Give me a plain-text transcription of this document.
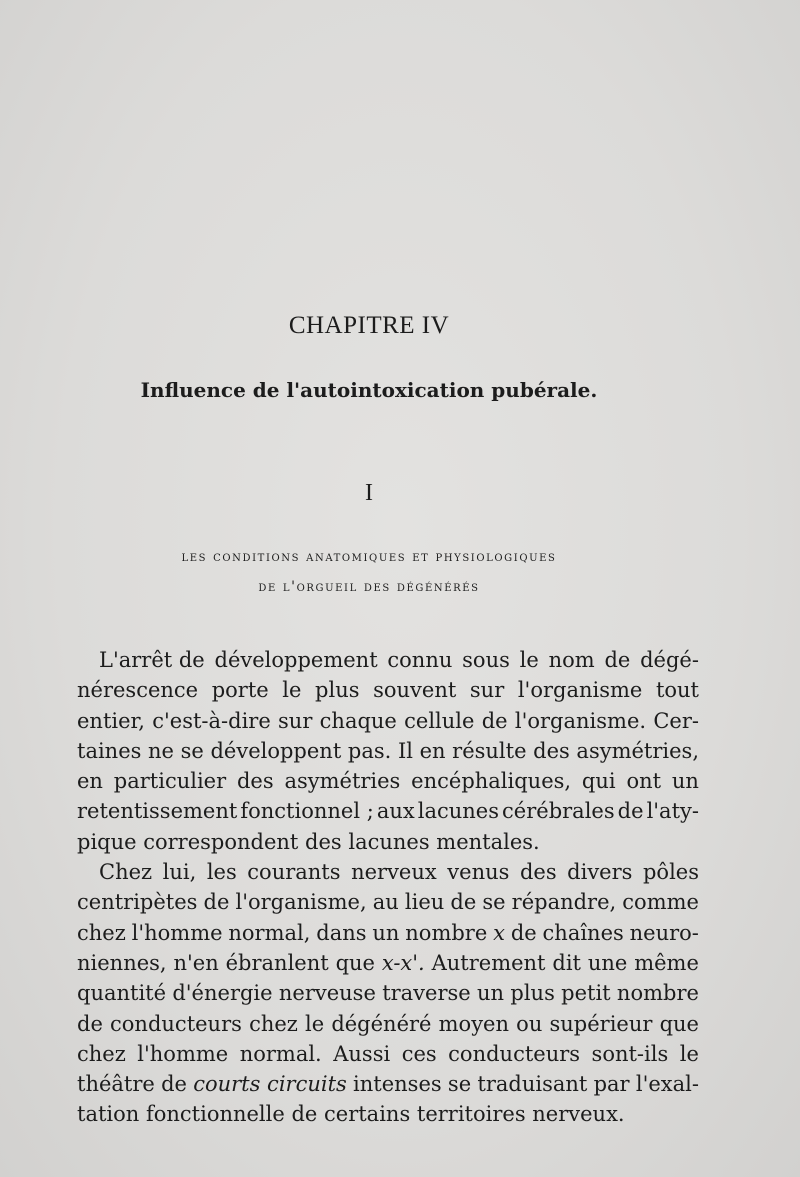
CHAPITRE IV
Influence de l'autointoxication pubérale.
I
les conditions anatomiques et physiologiques
de l'orgueil des dégénérés
L'arrêt de développement connu sous le nom de dégé-
nérescence porte le plus souvent sur l'organisme tout
entier, c'est-à-dire sur chaque cellule de l'organisme. Cer-
taines ne se développent pas. Il en résulte des asymétries,
en particulier des asymétries encéphaliques, qui ont un
retentissement fonctionnel ; aux lacunes cérébrales de l'aty-
pique correspondent des lacunes mentales.
Chez lui, les courants nerveux venus des divers pôles
centripètes de l'organisme, au lieu de se répandre, comme
chez l'homme normal, dans un nombre x de chaînes neuro-
niennes, n'en ébranlent que x-x'. Autrement dit une même
quantité d'énergie nerveuse traverse un plus petit nombre
de conducteurs chez le dégénéré moyen ou supérieur que
chez l'homme normal. Aussi ces conducteurs sont-ils le
théâtre de courts circuits intenses se traduisant par l'exal-
tation fonctionnelle de certains territoires nerveux.
